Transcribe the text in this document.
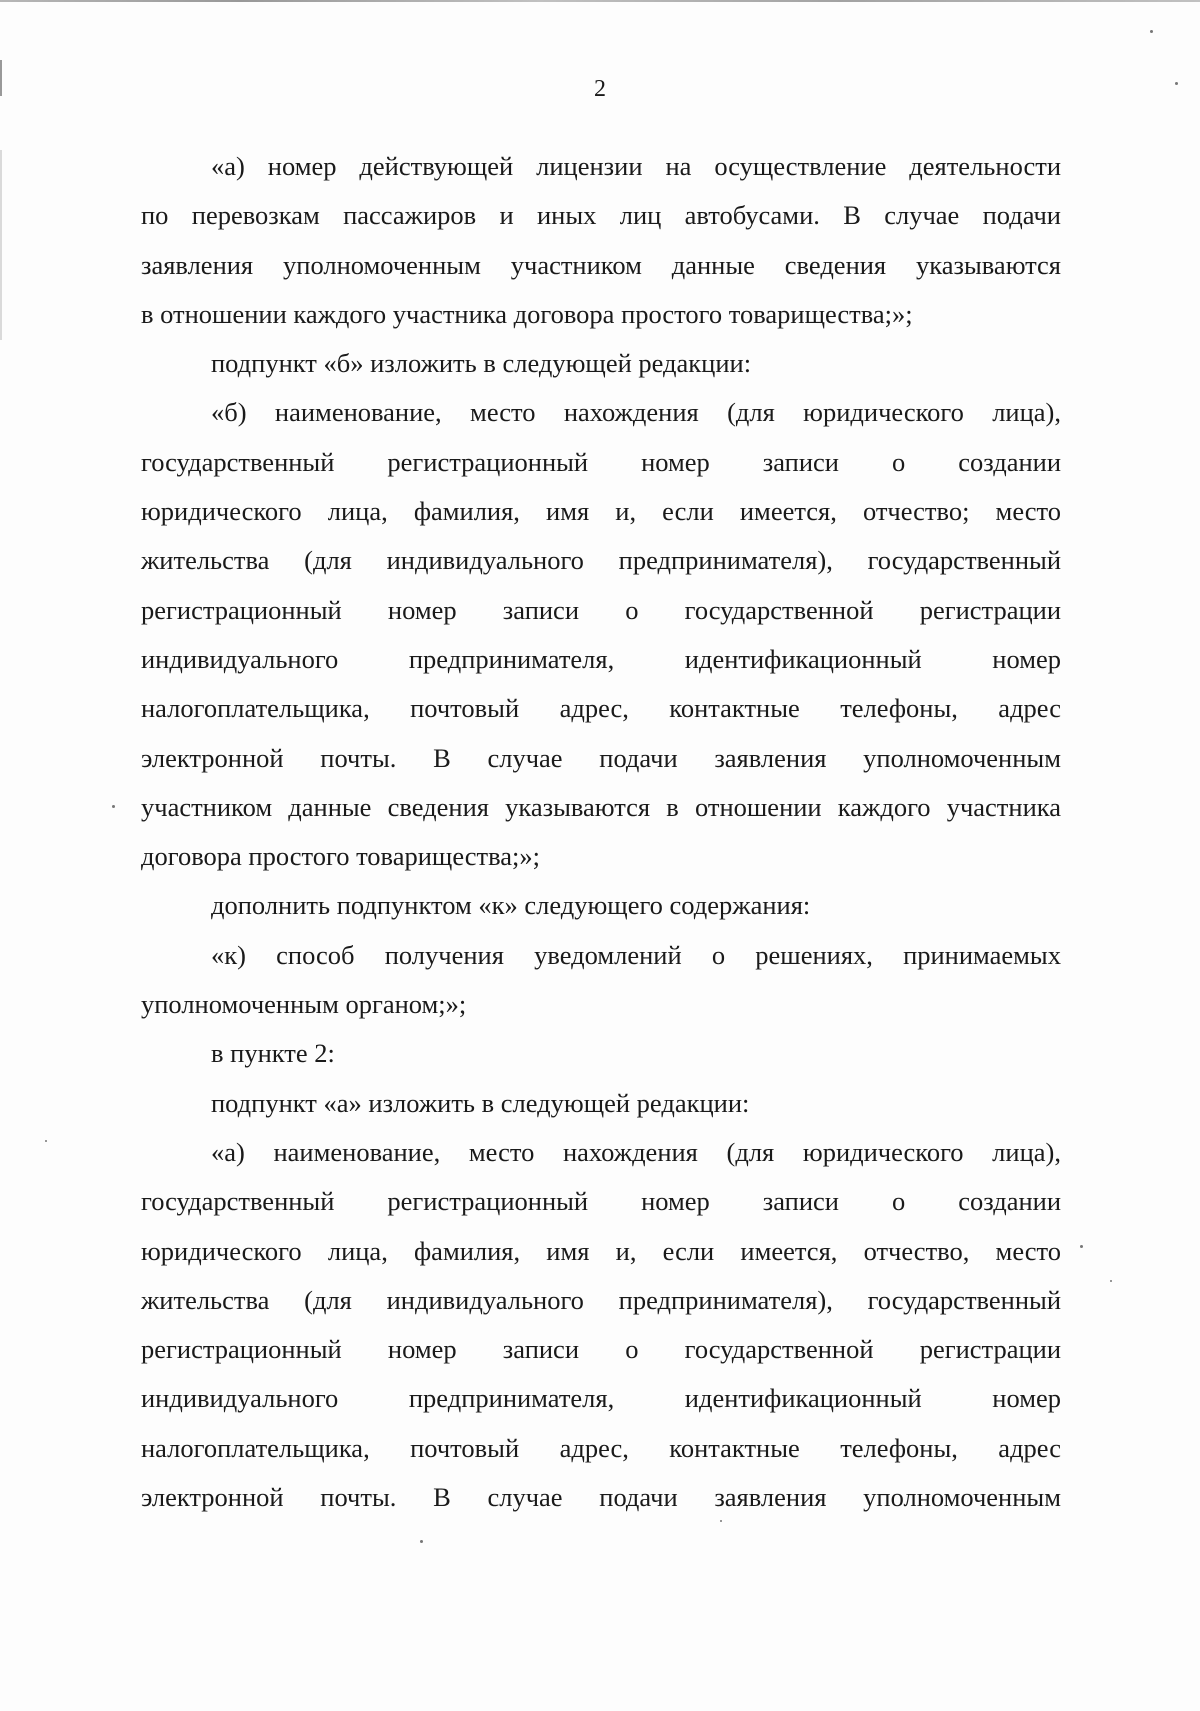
2
«а) номер действующей лицензии на осуществление деятельности
по перевозкам пассажиров и иных лиц автобусами. В случае подачи
заявления уполномоченным участником данные сведения указываются
в отношении каждого участника договора простого товарищества;»;
подпункт «б» изложить в следующей редакции:
«б) наименование, место нахождения (для юридического лица),
государственный регистрационный номер записи о создании
юридического лица, фамилия, имя и, если имеется, отчество; место
жительства (для индивидуального предпринимателя), государственный
регистрационный номер записи о государственной регистрации
индивидуального предпринимателя, идентификационный номер
налогоплательщика, почтовый адрес, контактные телефоны, адрес
электронной почты. В случае подачи заявления уполномоченным
участником данные сведения указываются в отношении каждого участника
договора простого товарищества;»;
дополнить подпунктом «к» следующего содержания:
«к) способ получения уведомлений о решениях, принимаемых
уполномоченным органом;»;
в пункте 2:
подпункт «а» изложить в следующей редакции:
«а) наименование, место нахождения (для юридического лица),
государственный регистрационный номер записи о создании
юридического лица, фамилия, имя и, если имеется, отчество, место
жительства (для индивидуального предпринимателя), государственный
регистрационный номер записи о государственной регистрации
индивидуального предпринимателя, идентификационный номер
налогоплательщика, почтовый адрес, контактные телефоны, адрес
электронной почты. В случае подачи заявления уполномоченным
